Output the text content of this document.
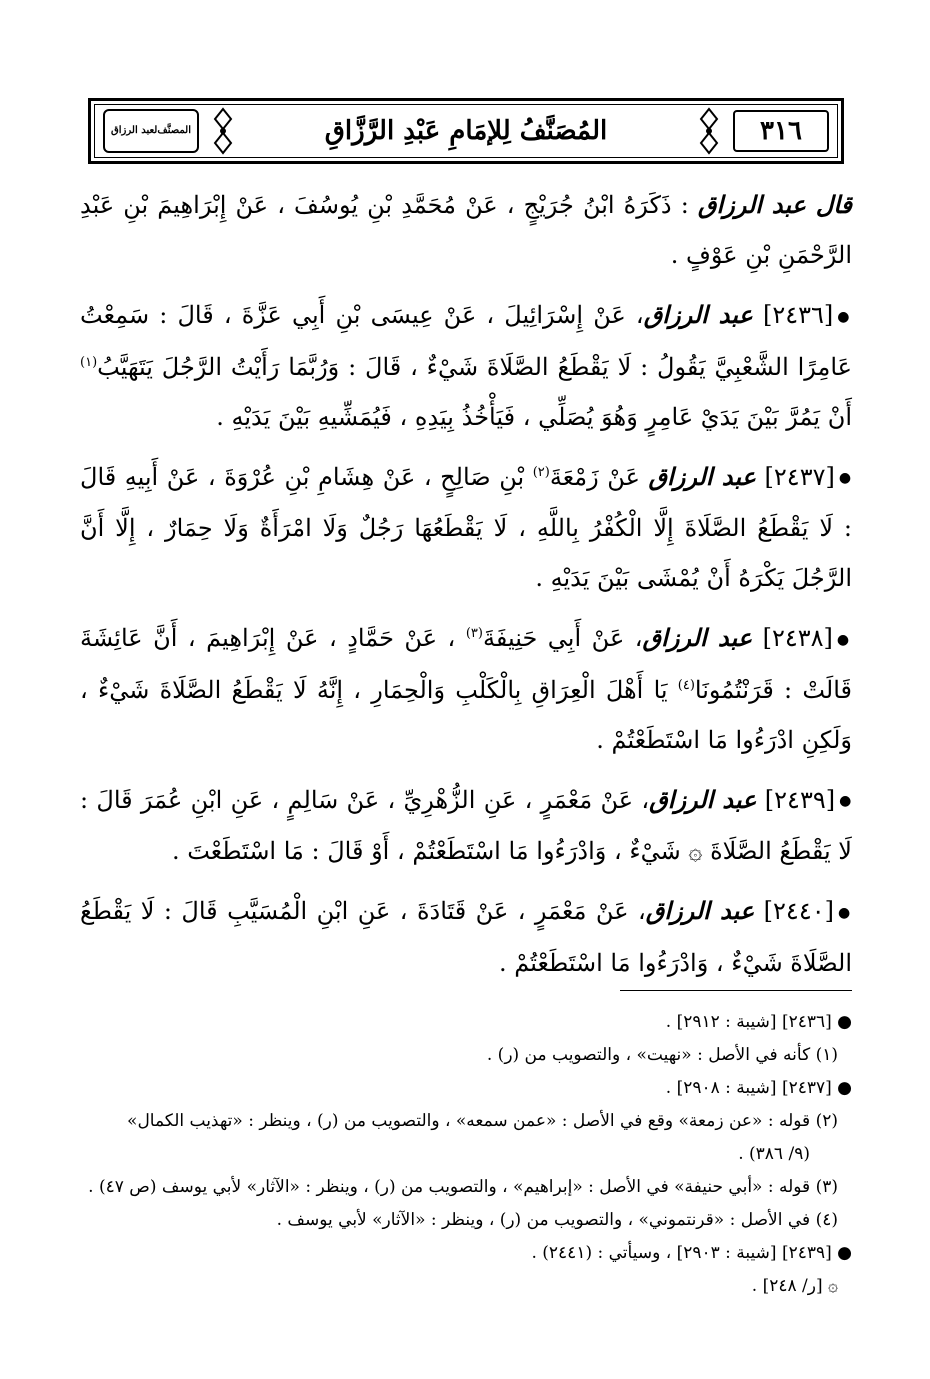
٣١٦
المُصَنَّفُ لِلإمَامِ عَبْدِ الرَّزَّاقِ
المصنَّف

لعبد الرزاق

قال عبد الرزاق : ذَكَرَهُ ابْنُ جُرَيْجٍ ، عَنْ مُحَمَّدِ بْنِ يُوسُفَ ، عَنْ إِبْرَاهِيمَ بْنِ عَبْدِ الرَّحْمَنِ بْنِ عَوْفٍ .

●[٢٤٣٦] عبد الرزاق، عَنْ إِسْرَائِيلَ ، عَنْ عِيسَى بْنِ أَبِي عَزَّةَ ، قَالَ : سَمِعْتُ عَامِرًا الشَّعْبِيَّ يَقُولُ : لَا يَقْطَعُ الصَّلَاةَ شَيْءٌ ، قَالَ : وَرُبَّمَا رَأَيْتُ الرَّجُلَ يَتَهَيَّبُ$^{(١)}$ أَنْ يَمُرَّ بَيْنَ يَدَيْ عَامِرٍ وَهُوَ يُصَلِّي ، فَيَأْخُذُ بِيَدِهِ ، فَيُمَشِّيهِ بَيْنَ يَدَيْهِ .

●[٢٤٣٧] عبد الرزاق عَنْ زَمْعَةَ$^{(٢)}$ بْنِ صَالِحٍ ، عَنْ هِشَامِ بْنِ عُرْوَةَ ، عَنْ أَبِيهِ قَالَ : لَا يَقْطَعُ الصَّلَاةَ إِلَّا الْكُفْرُ بِاللَّهِ ، لَا يَقْطَعُهَا رَجُلٌ وَلَا امْرَأَةٌ وَلَا حِمَارٌ ، إِلَّا أَنَّ الرَّجُلَ يَكْرَهُ أَنْ يُمْشَى بَيْنَ يَدَيْهِ .

●[٢٤٣٨] عبد الرزاق، عَنْ أَبِي حَنِيفَةَ$^{(٣)}$ ، عَنْ حَمَّادٍ ، عَنْ إِبْرَاهِيمَ ، أَنَّ عَائِشَةَ قَالَتْ : قَرَنْتُمُونَا$^{(٤)}$ يَا أَهْلَ الْعِرَاقِ بِالْكَلْبِ وَالْحِمَارِ ، إِنَّهُ لَا يَقْطَعُ الصَّلَاةَ شَيْءٌ ، وَلَكِنِ ادْرَءُوا مَا اسْتَطَعْتُمْ .

●[٢٤٣٩] عبد الرزاق، عَنْ مَعْمَرٍ ، عَنِ الزُّهْرِيِّ ، عَنْ سَالِمٍ ، عَنِ ابْنِ عُمَرَ قَالَ : لَا يَقْطَعُ الصَّلَاةَ ۞ شَيْءٌ ، وَادْرَءُوا مَا اسْتَطَعْتُمْ ، أَوْ قَالَ : مَا اسْتَطَعْتَ .

●[٢٤٤٠] عبد الرزاق، عَنْ مَعْمَرٍ ، عَنْ قَتَادَةَ ، عَنِ ابْنِ الْمُسَيَّبِ قَالَ : لَا يَقْطَعُ الصَّلَاةَ شَيْءٌ ، وَادْرَءُوا مَا اسْتَطَعْتُمْ .

● [٢٤٣٦] [شيبة : ٢٩١٢] .

(١) كأنه في الأصل : «نهيت» ، والتصويب من (ر) .

● [٢٤٣٧] [شيبة : ٢٩٠٨] .

(٢) قوله : «عن زمعة» وقع في الأصل : «عمن سمعه» ، والتصويب من (ر) ، وينظر : «تهذيب الكمال»

(٩/ ٣٨٦) .

(٣) قوله : «أبي حنيفة» في الأصل : «إبراهيم» ، والتصويب من (ر) ، وينظر : «الآثار» لأبي يوسف (ص ٤٧) .

(٤) في الأصل : «قرنتموني» ، والتصويب من (ر) ، وينظر : «الآثار» لأبي يوسف .

● [٢٤٣٩] [شيبة : ٢٩٠٣] ، وسيأتي : (٢٤٤١) .

۞ [ر/ ٢٤٨] .
